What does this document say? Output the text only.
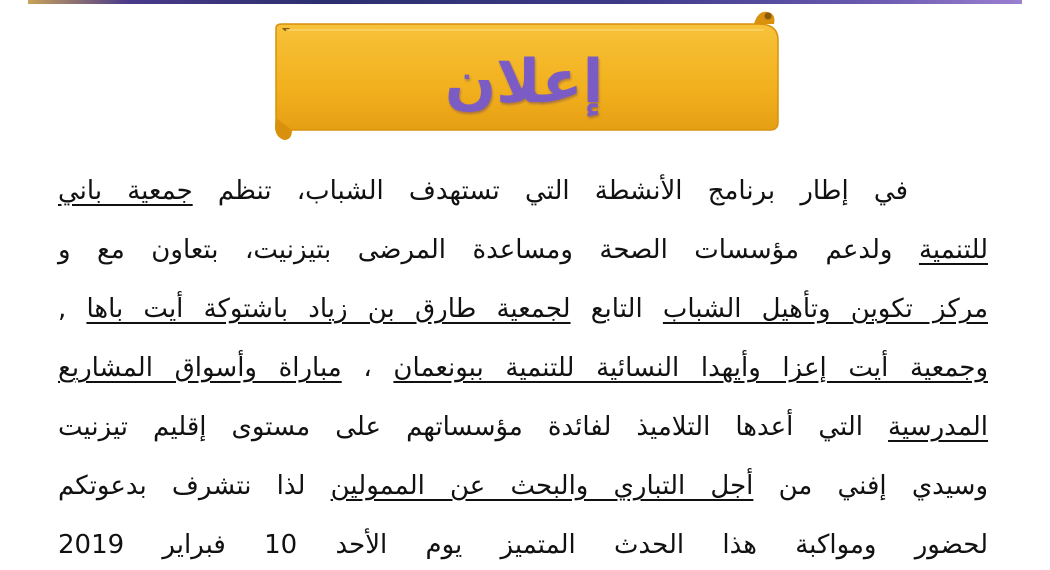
إعلان
في إطار برنامج الأنشطة التي تستهدف الشباب، تنظم جمعية باني
للتنمية ولدعم مؤسسات الصحة ومساعدة المرضى بتيزنيت، بتعاون مع و
مركز تكوين وتأهيل الشباب التابع لجمعية طارق بن زياد باشتوكة أيت باها ,
وجمعية أيت إعزا وأيهدا النسائية للتنمية ببونعمان ، مباراة وأسواق المشاريع
المدرسية التي أعدها التلاميذ لفائدة مؤسساتهم على مستوى إقليم تيزنيت
وسيدي إفني من أجل التباري والبحث عن الممولين لذا نتشرف بدعوتكم
لحضور ومواكبة هذا الحدث المتميز يوم الأحد 10 فبراير 2019
